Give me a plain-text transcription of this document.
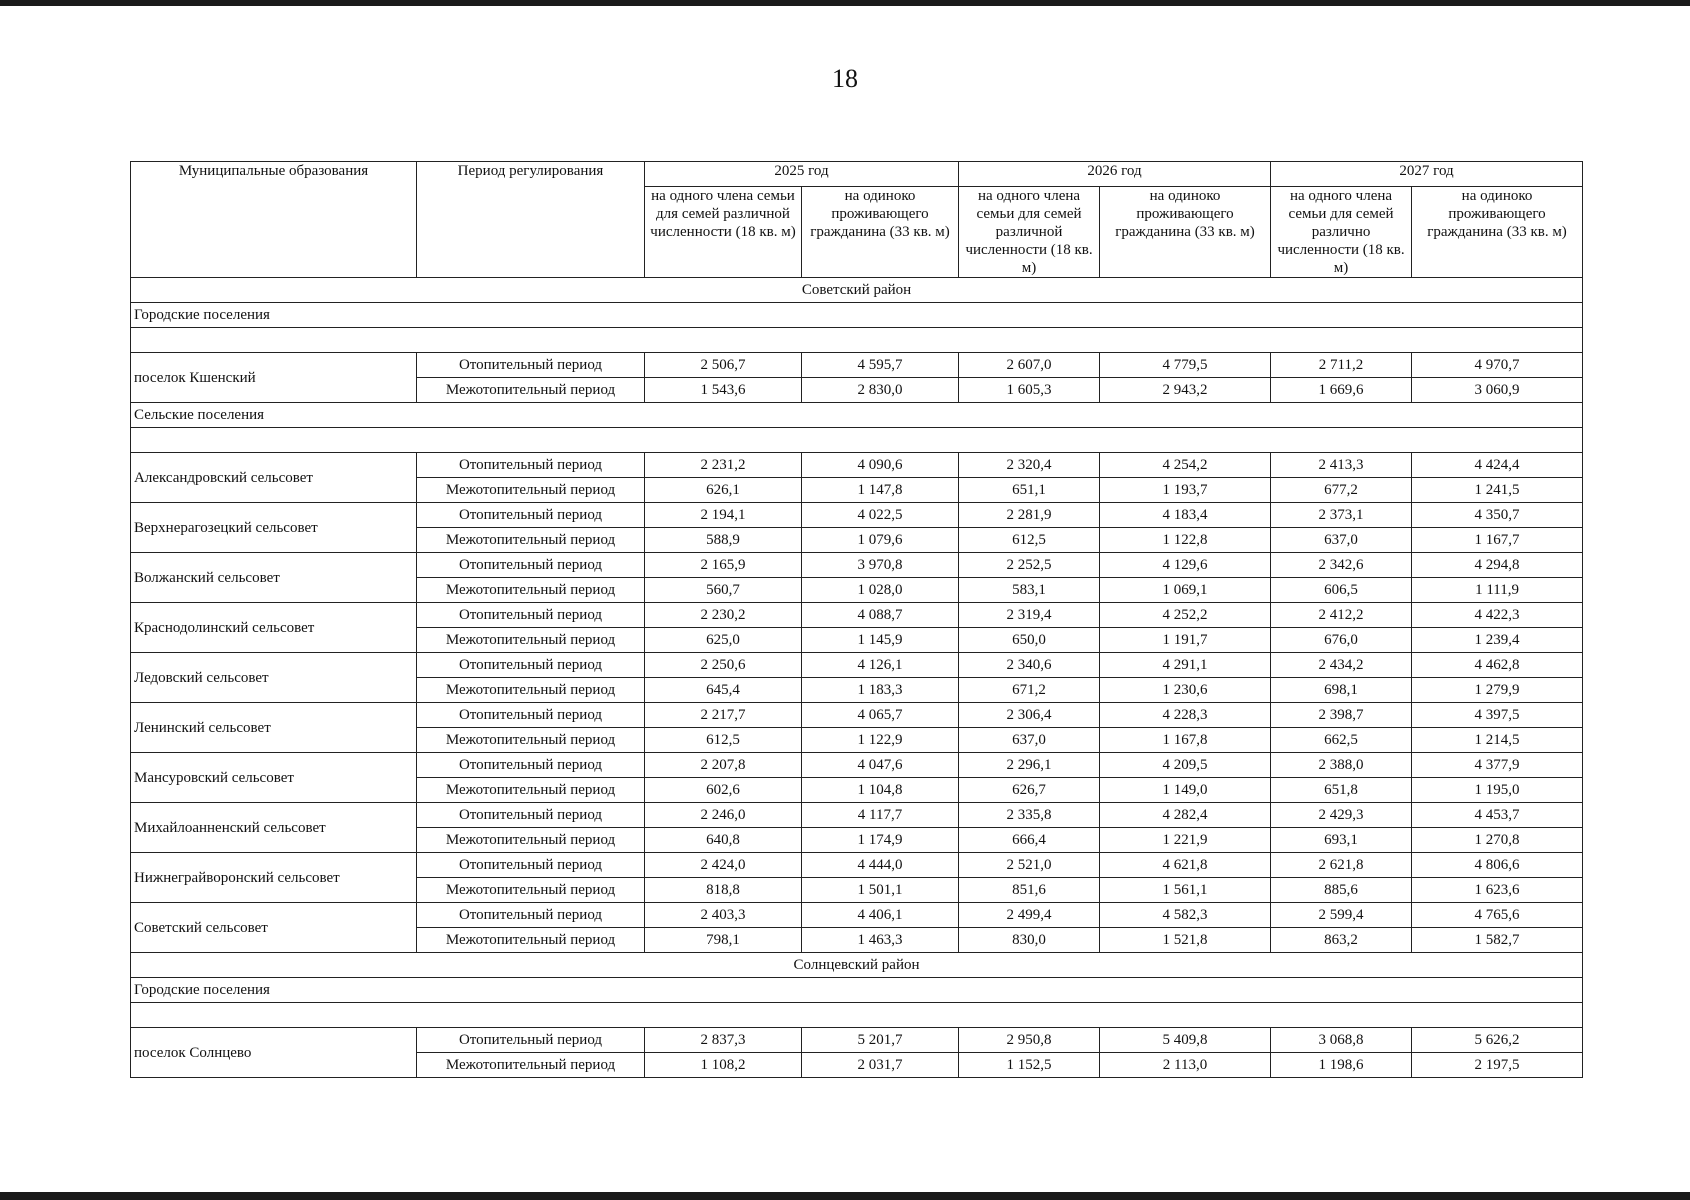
18
Муниципальные образования	Период регулирования	2025 год		2026 год		2027 год	
		на одного члена семьи для семей различной численности (18 кв. м)	на одиноко проживающего гражданина (33 кв. м)	на одного члена семьи для семей различной численности (18 кв. м)	на одиноко проживающего гражданина (33 кв. м)	на одного члена семьи для семей различно численности (18 кв. м)	на одиноко проживающего гражданина (33 кв. м)
Советский район							
Городские поселения							

поселок Кшенский	Отопительный период	2 506,7	4 595,7	2 607,0	4 779,5	2 711,2	4 970,7
	Межотопительный период	1 543,6	2 830,0	1 605,3	2 943,2	1 669,6	3 060,9
Сельские поселения							

Александровский сельсовет	Отопительный период	2 231,2	4 090,6	2 320,4	4 254,2	2 413,3	4 424,4
	Межотопительный период	626,1	1 147,8	651,1	1 193,7	677,2	1 241,5
Верхнерагозецкий сельсовет	Отопительный период	2 194,1	4 022,5	2 281,9	4 183,4	2 373,1	4 350,7
	Межотопительный период	588,9	1 079,6	612,5	1 122,8	637,0	1 167,7
Волжанский сельсовет	Отопительный период	2 165,9	3 970,8	2 252,5	4 129,6	2 342,6	4 294,8
	Межотопительный период	560,7	1 028,0	583,1	1 069,1	606,5	1 111,9
Краснодолинский сельсовет	Отопительный период	2 230,2	4 088,7	2 319,4	4 252,2	2 412,2	4 422,3
	Межотопительный период	625,0	1 145,9	650,0	1 191,7	676,0	1 239,4
Ледовский сельсовет	Отопительный период	2 250,6	4 126,1	2 340,6	4 291,1	2 434,2	4 462,8
	Межотопительный период	645,4	1 183,3	671,2	1 230,6	698,1	1 279,9
Ленинский сельсовет	Отопительный период	2 217,7	4 065,7	2 306,4	4 228,3	2 398,7	4 397,5
	Межотопительный период	612,5	1 122,9	637,0	1 167,8	662,5	1 214,5
Мансуровский сельсовет	Отопительный период	2 207,8	4 047,6	2 296,1	4 209,5	2 388,0	4 377,9
	Межотопительный период	602,6	1 104,8	626,7	1 149,0	651,8	1 195,0
Михайлоанненский сельсовет	Отопительный период	2 246,0	4 117,7	2 335,8	4 282,4	2 429,3	4 453,7
	Межотопительный период	640,8	1 174,9	666,4	1 221,9	693,1	1 270,8
Нижнеграйворонский сельсовет	Отопительный период	2 424,0	4 444,0	2 521,0	4 621,8	2 621,8	4 806,6
	Межотопительный период	818,8	1 501,1	851,6	1 561,1	885,6	1 623,6
Советский сельсовет	Отопительный период	2 403,3	4 406,1	2 499,4	4 582,3	2 599,4	4 765,6
	Межотопительный период	798,1	1 463,3	830,0	1 521,8	863,2	1 582,7
Солнцевский район							
Городские поселения							

поселок Солнцево	Отопительный период	2 837,3	5 201,7	2 950,8	5 409,8	3 068,8	5 626,2
	Межотопительный период	1 108,2	2 031,7	1 152,5	2 113,0	1 198,6	2 197,5
